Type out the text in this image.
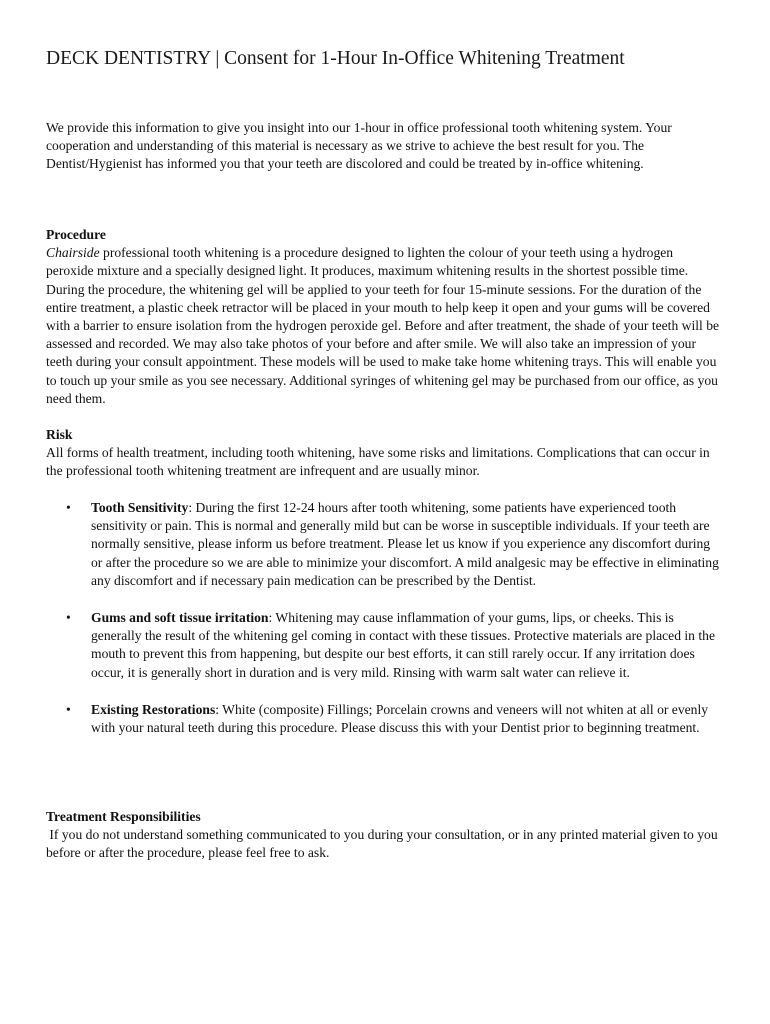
DECK DENTISTRY | Consent for 1-Hour In-Office Whitening Treatment

We provide this information to give you insight into our 1-hour in office professional tooth whitening system. Your cooperation and understanding of this material is necessary as we strive to achieve the best result for you. The Dentist/Hygienist has informed you that your teeth are discolored and could be treated by in-office whitening.

Procedure

Chairside professional tooth whitening is a procedure designed to lighten the colour of your teeth using a hydrogen peroxide mixture and a specially designed light. It produces, maximum whitening results in the shortest possible time. During the procedure, the whitening gel will be applied to your teeth for four 15-minute sessions. For the duration of the entire treatment, a plastic cheek retractor will be placed in your mouth to help keep it open and your gums will be covered with a barrier to ensure isolation from the hydrogen peroxide gel. Before and after treatment, the shade of your teeth will be assessed and recorded. We may also take photos of your before and after smile. We will also take an impression of your teeth during your consult appointment. These models will be used to make take home whitening trays. This will enable you to touch up your smile as you see necessary. Additional syringes of whitening gel may be purchased from our office, as you need them.

Risk

All forms of health treatment, including tooth whitening, have some risks and limitations. Complications that can occur in the professional tooth whitening treatment are infrequent and are usually minor.

• Tooth Sensitivity: During the first 12-24 hours after tooth whitening, some patients have experienced tooth sensitivity or pain. This is normal and generally mild but can be worse in susceptible individuals. If your teeth are normally sensitive, please inform us before treatment. Please let us know if you experience any discomfort during or after the procedure so we are able to minimize your discomfort. A mild analgesic may be effective in eliminating any discomfort and if necessary pain medication can be prescribed by the Dentist.
• Gums and soft tissue irritation: Whitening may cause inflammation of your gums, lips, or cheeks. This is generally the result of the whitening gel coming in contact with these tissues. Protective materials are placed in the mouth to prevent this from happening, but despite our best efforts, it can still rarely occur. If any irritation does occur, it is generally short in duration and is very mild. Rinsing with warm salt water can relieve it.
• Existing Restorations: White (composite) Fillings; Porcelain crowns and veneers will not whiten at all or evenly with your natural teeth during this procedure. Please discuss this with your Dentist prior to beginning treatment.

Treatment Responsibilities

If you do not understand something communicated to you during your consultation, or in any printed material given to you before or after the procedure, please feel free to ask.
